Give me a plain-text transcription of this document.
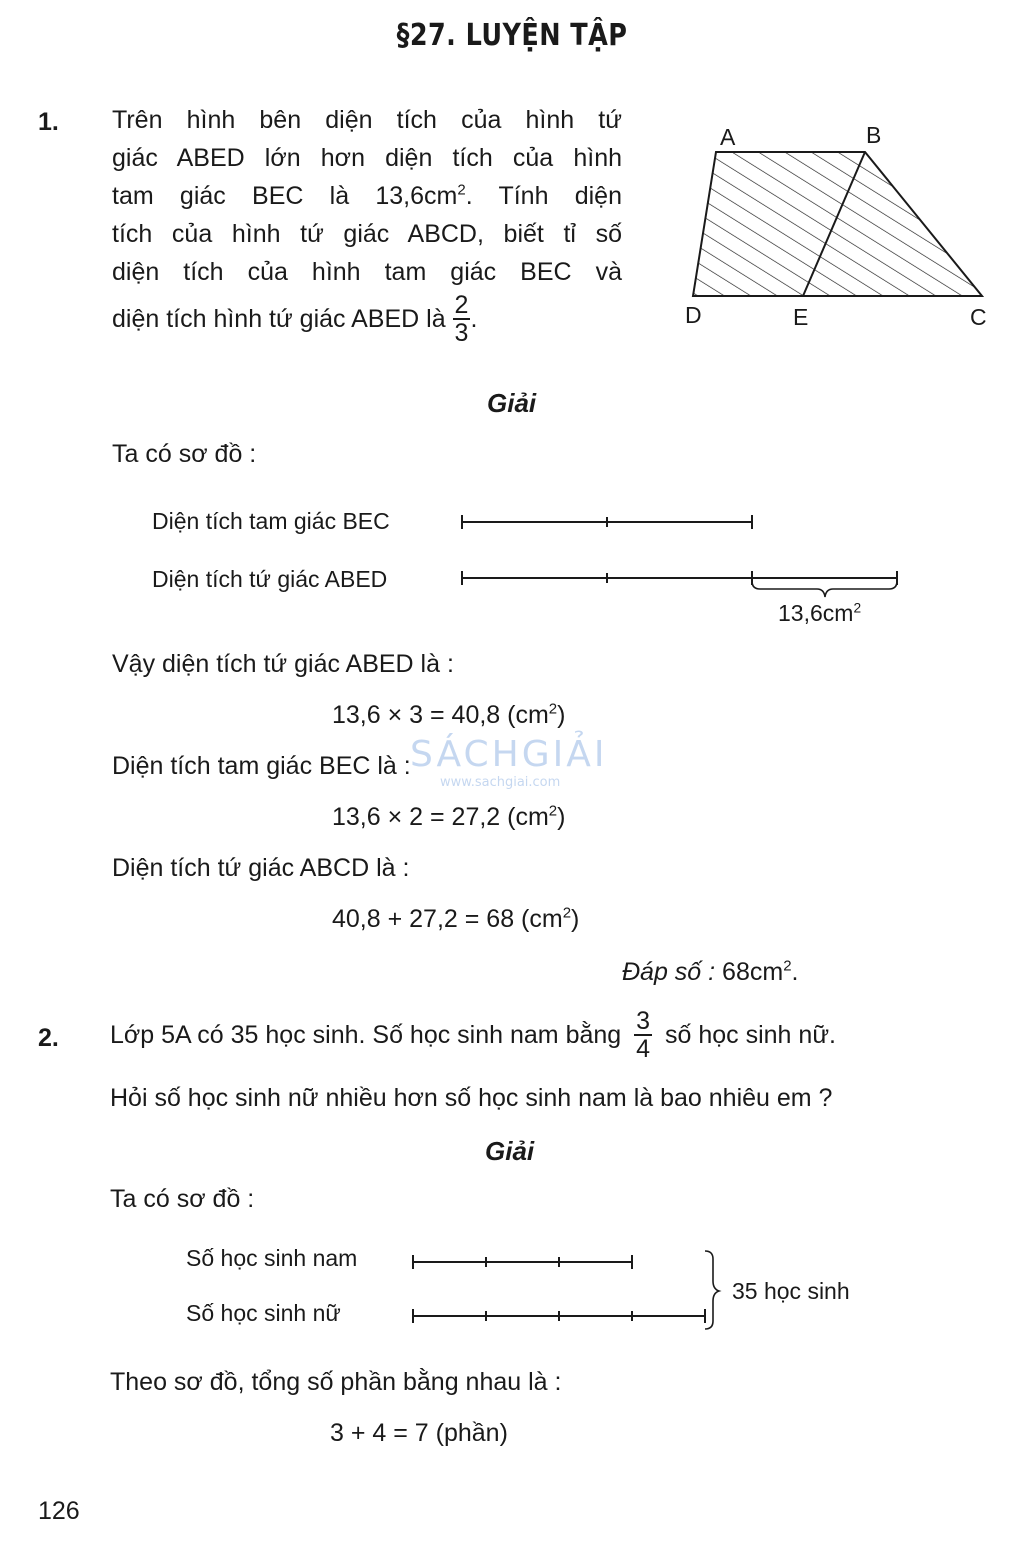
§27. LUYỆN TẬP
1. Trên hình bên diện tích của hình tứ
giác ABED lớn hơn diện tích của hình
tam giác BEC là $13,6cm^2$. Tính diện
tích của hình tứ giác ABCD, biết tỉ số
diện tích của hình tam giác BEC và
diện tích hình tứ giác ABED là $\frac{2}{3}$ .
A	B
C
D	E
Giải
Ta có sơ đồ :
Diện tích tam giác BEC
Diện tích tứ giác ABED
$13,6cm^2$
Vậy diện tích tứ giác ABED là :
13,6 × 3 = 40,8 $(cm^2)$
Diện tích tam giác BEC là :
13,6 × 2 = 27,2 $(cm^2)$
Diện tích tứ giác ABCD là :
40,8 + 27,2 = 68 $(cm^2)$
Đáp số : $68cm^2$.
SÁCHGIẢI
www.sachgiai.com
2. Lớp 5A có 35 học sinh. Số học sinh nam bằng $\frac{3}{4}$ số học sinh nữ.
Hỏi số học sinh nữ nhiều hơn số học sinh nam là bao nhiêu em ?
Giải
Ta có sơ đồ :
Số học sinh nam
Số học sinh nữ
35 học sinh
Theo sơ đồ, tổng số phần bằng nhau là :
3 + 4 = 7 (phần)
126
